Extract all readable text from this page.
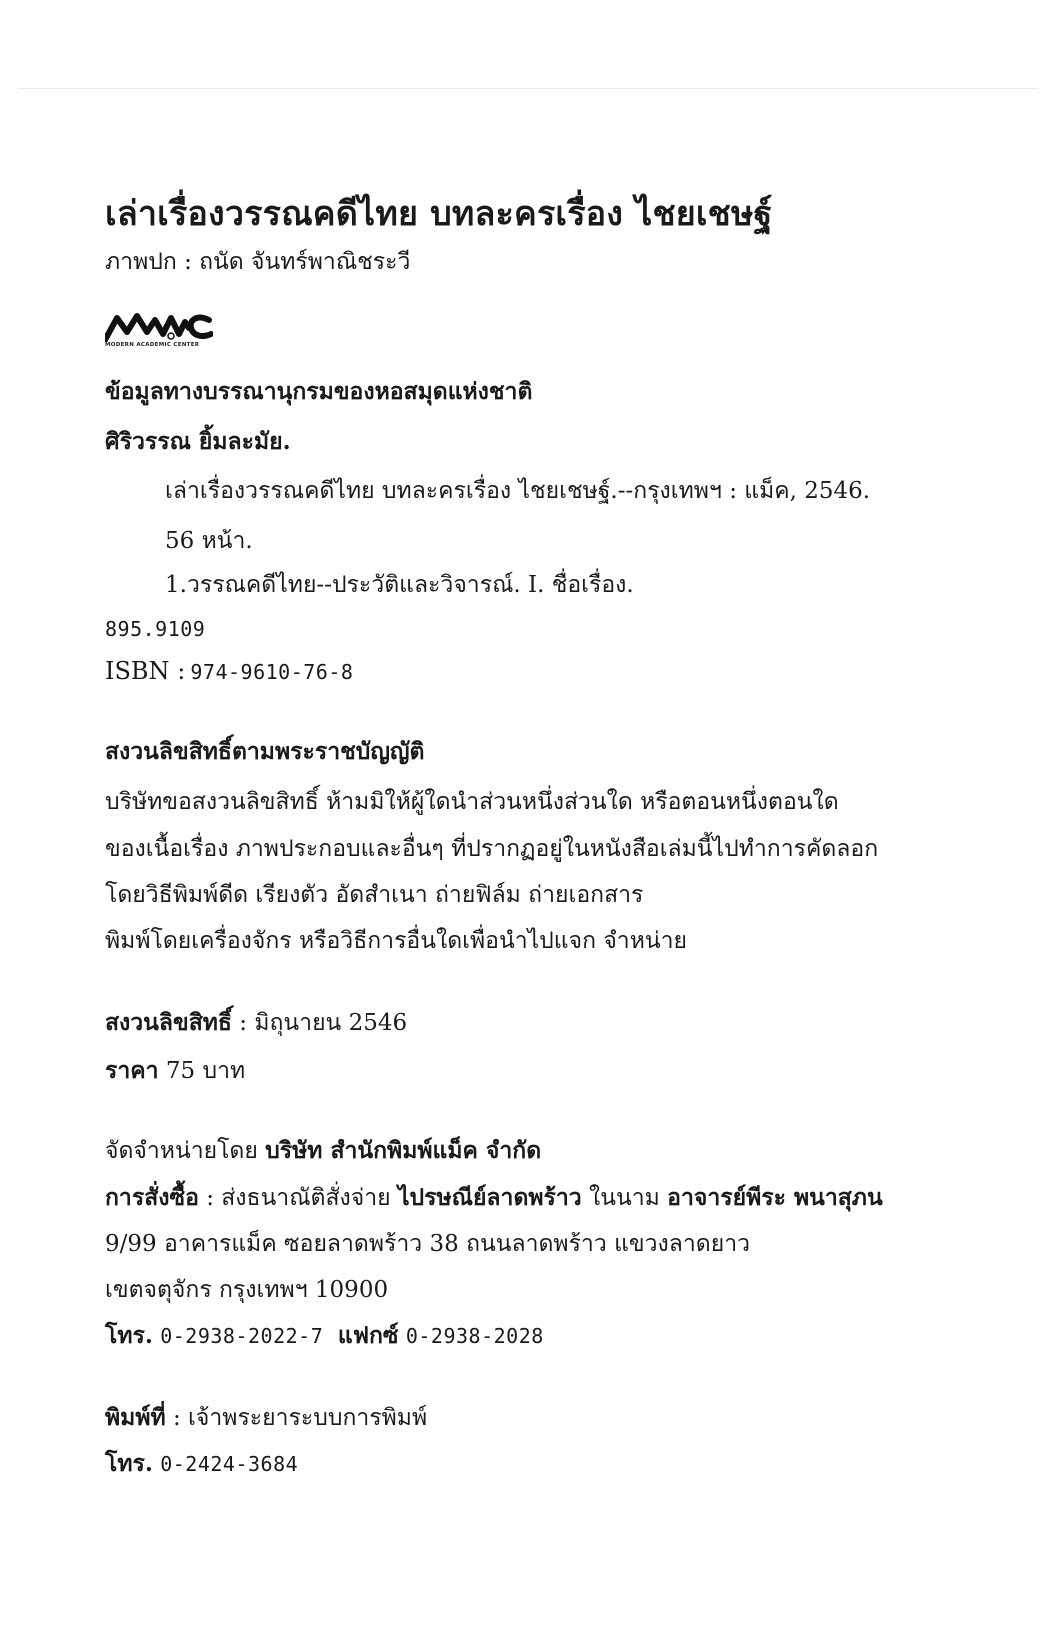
เล่าเรื่องวรรณคดีไทย บทละครเรื่อง ไชยเชษฐ์
ภาพปก : ถนัด จันทร์พาณิชระวี
MODERN ACADEMIC CENTER
ข้อมูลทางบรรณานุกรมของหอสมุดแห่งชาติ
ศิริวรรณ ยิ้มละมัย.
เล่าเรื่องวรรณคดีไทย บทละครเรื่อง ไชยเชษฐ์.--กรุงเทพฯ : แม็ค, 2546.
56 หน้า.
1.วรรณคดีไทย--ประวัติและวิจารณ์. I. ชื่อเรื่อง.
895.9109
ISBN : 974-9610-76-8
สงวนลิขสิทธิ์ตามพระราชบัญญัติ
บริษัทขอสงวนลิขสิทธิ์ ห้ามมิให้ผู้ใดนำส่วนหนึ่งส่วนใด หรือตอนหนึ่งตอนใด
ของเนื้อเรื่อง ภาพประกอบและอื่นๆ ที่ปรากฏอยู่ในหนังสือเล่มนี้ไปทำการคัดลอก
โดยวิธีพิมพ์ดีด เรียงตัว อัดสำเนา ถ่ายฟิล์ม ถ่ายเอกสาร
พิมพ์โดยเครื่องจักร หรือวิธีการอื่นใดเพื่อนำไปแจก จำหน่าย
สงวนลิขสิทธิ์ : มิถุนายน 2546
ราคา 75 บาท
จัดจำหน่ายโดย บริษัท สำนักพิมพ์แม็ค จำกัด
การสั่งซื้อ : ส่งธนาณัติสั่งจ่าย ไปรษณีย์ลาดพร้าว ในนาม อาจารย์พีระ พนาสุภน
9/99 อาคารแม็ค ซอยลาดพร้าว 38 ถนนลาดพร้าว แขวงลาดยาว
เขตจตุจักร กรุงเทพฯ 10900
โทร. 0-2938-2022-7 แฟกซ์ 0-2938-2028
พิมพ์ที่ : เจ้าพระยาระบบการพิมพ์
โทร. 0-2424-3684
